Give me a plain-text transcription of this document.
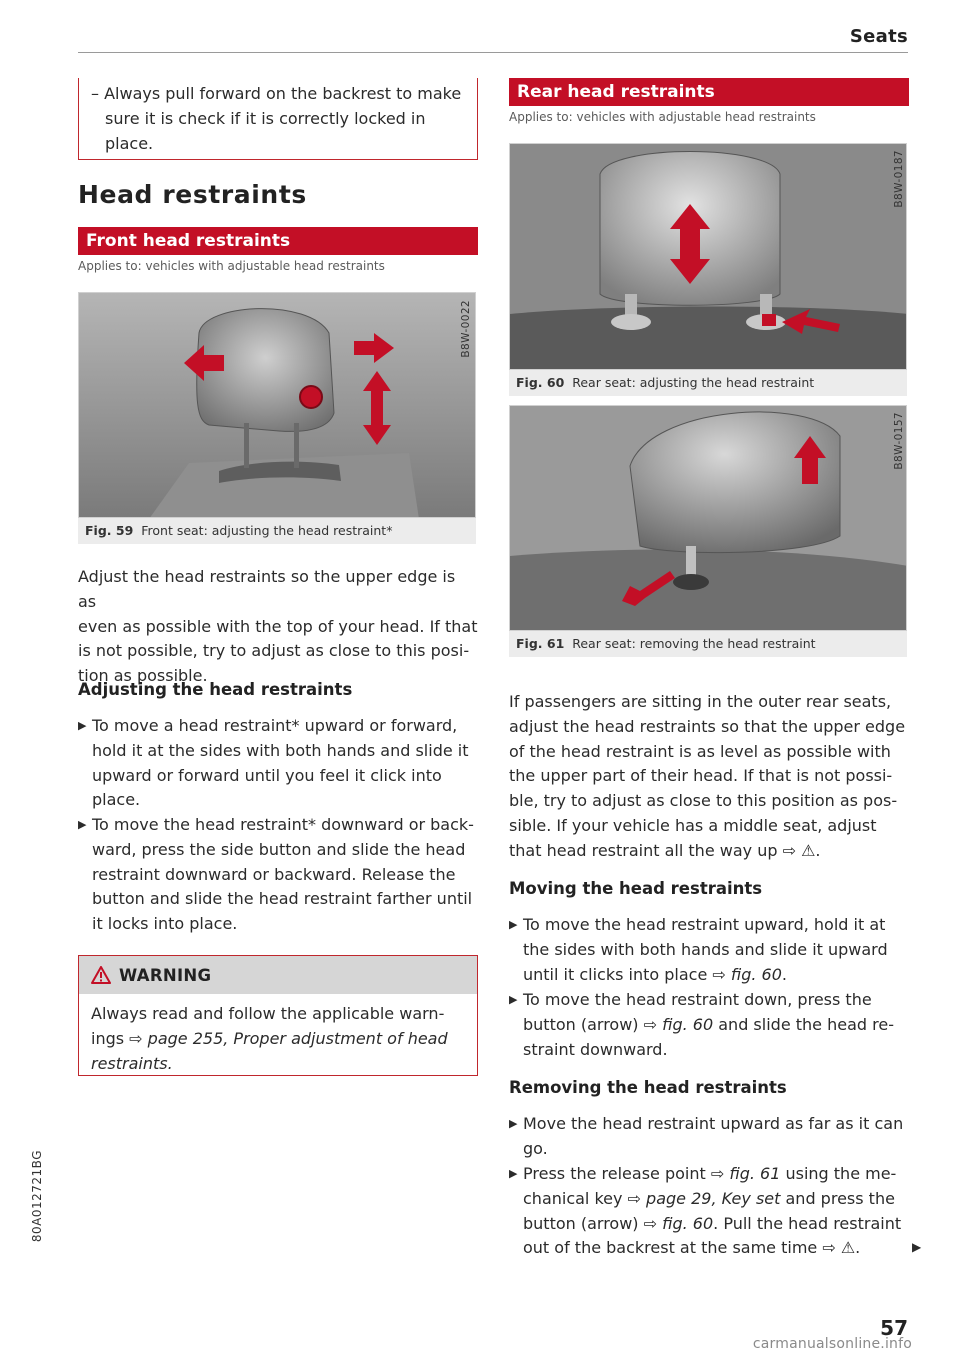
Seats
– Always pull forward on the backrest to make
sure it is check if it is correctly locked in
place.
Head restraints
Front head restraints
Applies to: vehicles with adjustable head restraints
B8W-0022
Fig. 59 Front seat: adjusting the head restraint*
Adjust the head restraints so the upper edge is as
even as possible with the top of your head. If that
is not possible, try to adjust as close to this posi-
tion as possible.
Adjusting the head restraints
▶ To move a head restraint* upward or forward,
hold it at the sides with both hands and slide it
upward or forward until you feel it click into
place.
▶ To move the head restraint* downward or back-
ward, press the side button and slide the head
restraint downward or backward. Release the
button and slide the head restraint farther until
it locks into place.
WARNING
Always read and follow the applicable warn-
ings ⇨ page 255, Proper adjustment of head
restraints.
Rear head restraints
Applies to: vehicles with adjustable head restraints
B8W-0187
Fig. 60 Rear seat: adjusting the head restraint
B8W-0157
Fig. 61 Rear seat: removing the head restraint
If passengers are sitting in the outer rear seats,
adjust the head restraints so that the upper edge
of the head restraint is as level as possible with
the upper part of their head. If that is not possi-
ble, try to adjust as close to this position as pos-
sible. If your vehicle has a middle seat, adjust
that head restraint all the way up ⇨ ⚠.
Moving the head restraints
▶ To move the head restraint upward, hold it at
the sides with both hands and slide it upward
until it clicks into place ⇨ fig. 60.
▶ To move the head restraint down, press the
button (arrow) ⇨ fig. 60 and slide the head re-
straint downward.
Removing the head restraints
▶ Move the head restraint upward as far as it can
go.
▶ Press the release point ⇨ fig. 61 using the me-
chanical key ⇨ page 29, Key set and press the
button (arrow) ⇨ fig. 60. Pull the head restraint
out of the backrest at the same time ⇨ ⚠.	▶
80A012721BG
57
carmanualsonline.info
